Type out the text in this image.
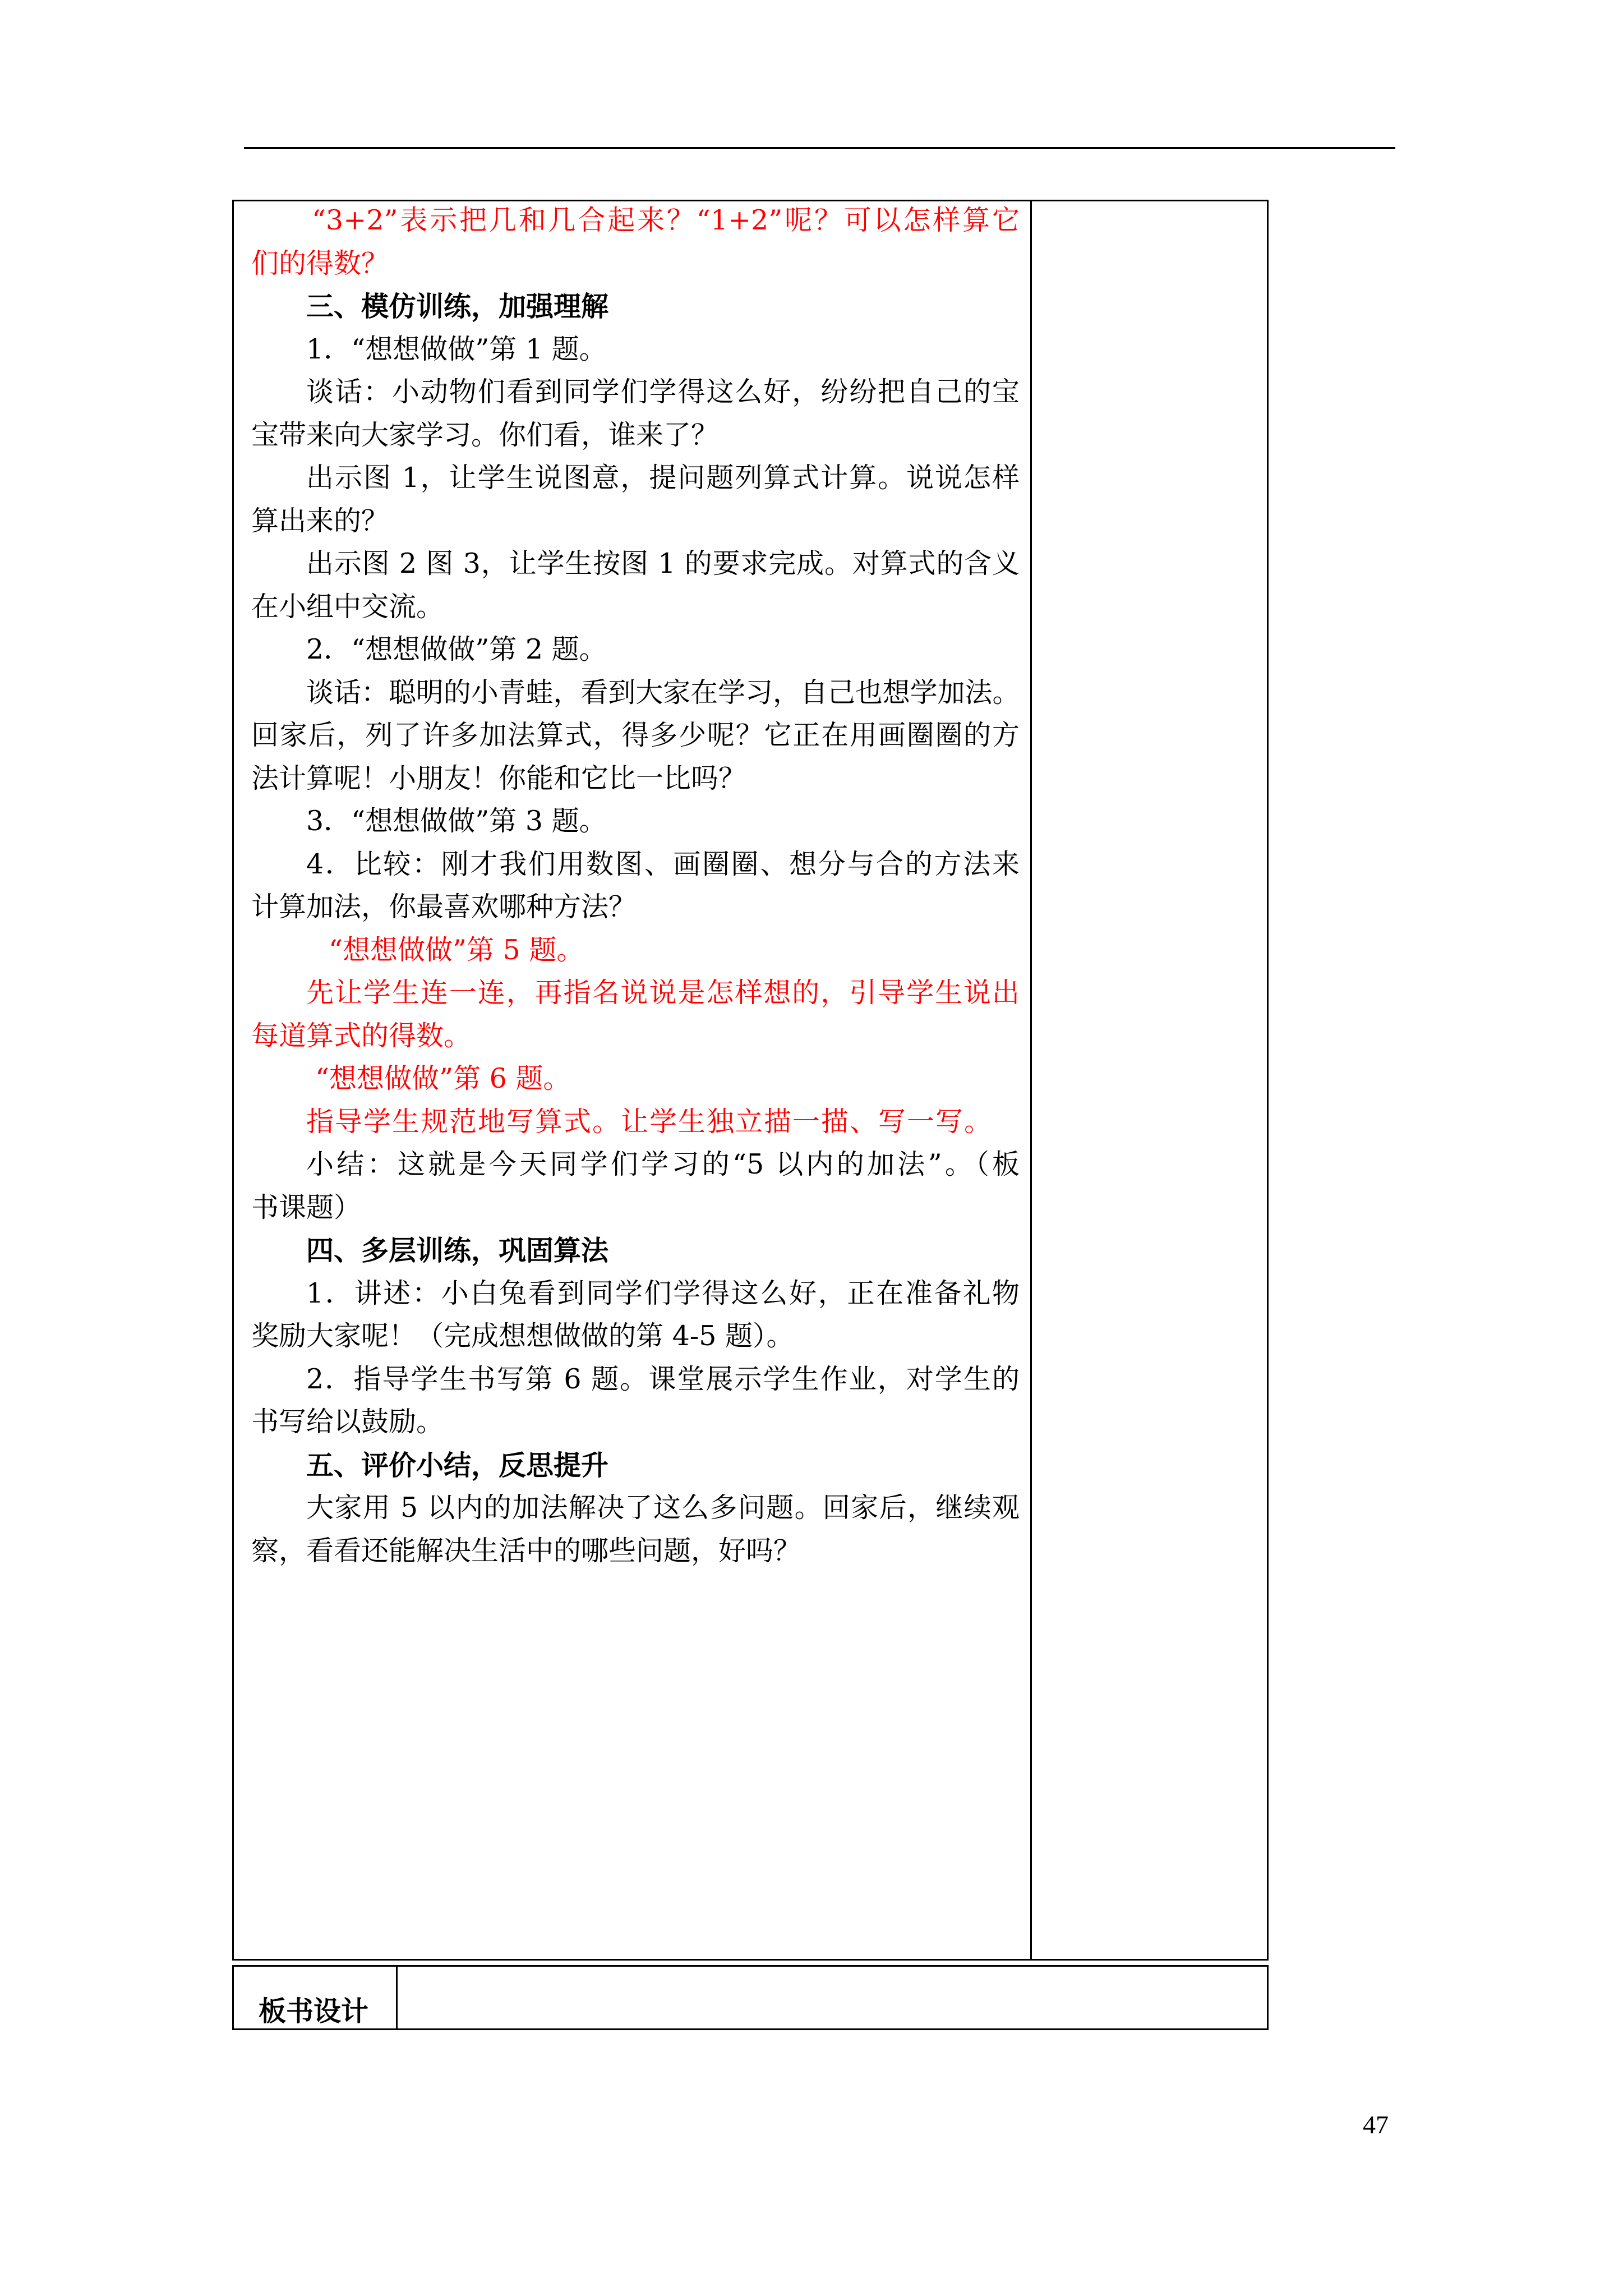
“3+2”表示把几和几合起来？“1+2”呢？可以怎样算它
们的得数？
三、模仿训练，加强理解
1．“想想做做”第 1 题。
谈话：小动物们看到同学们学得这么好，纷纷把自己的宝
宝带来向大家学习。你们看，谁来了？
出示图 1，让学生说图意，提问题列算式计算。说说怎样
算出来的？
出示图 2 图 3，让学生按图 1 的要求完成。对算式的含义
在小组中交流。
2．“想想做做”第 2 题。
谈话：聪明的小青蛙，看到大家在学习，自己也想学加法。
回家后，列了许多加法算式，得多少呢？它正在用画圈圈的方
法计算呢！小朋友！你能和它比一比吗？
3．“想想做做”第 3 题。
4．比较：刚才我们用数图、画圈圈、想分与合的方法来
计算加法，你最喜欢哪种方法？
“想想做做”第 5 题。
先让学生连一连，再指名说说是怎样想的，引导学生说出
每道算式的得数。
“想想做做”第 6 题。
指导学生规范地写算式。让学生独立描一描、写一写。
小结：这就是今天同学们学习的“5 以内的加法”。（板
书课题）
四、多层训练，巩固算法
1．讲述：小白兔看到同学们学得这么好，正在准备礼物
奖励大家呢！（完成想想做做的第 4-5 题）。
2．指导学生书写第 6 题。课堂展示学生作业，对学生的
书写给以鼓励。
五、评价小结，反思提升
大家用 5 以内的加法解决了这么多问题。回家后，继续观
察，看看还能解决生活中的哪些问题，好吗？
板书设计
47
